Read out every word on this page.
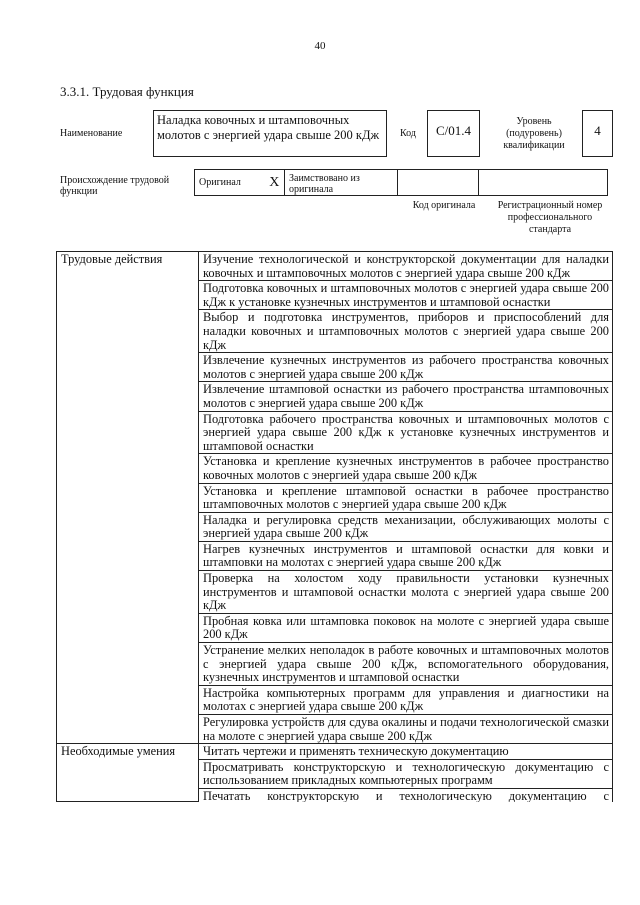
40
3.3.1. Трудовая функция
Наименование
Наладка ковочных и штамповочных молотов с энергией удара свыше 200 кДж	Код	C/01.4
Уровень (подуровень) квалификации
4
Происхождение трудовой функции
Оригинал	X	Заимствовано из оригинала		
Код оригинала	Регистрационный номер профессионального стандарта
Трудовые действия	Изучение технологической и конструкторской документации для наладки ковочных и штамповочных молотов с энергией удара свыше 200 кДж
	Подготовка ковочных и штамповочных молотов с энергией удара свыше 200 кДж к установке кузнечных инструментов и штамповой оснастки
	Выбор и подготовка инструментов, приборов и приспособлений для наладки ковочных и штамповочных молотов с энергией удара свыше 200 кДж
	Извлечение кузнечных инструментов из рабочего пространства ковочных молотов с энергией удара свыше 200 кДж
	Извлечение штамповой оснастки из рабочего пространства штамповочных молотов с энергией удара свыше 200 кДж
	Подготовка рабочего пространства ковочных и штамповочных молотов с энергией удара свыше 200 кДж к установке кузнечных инструментов и штамповой оснастки
	Установка и крепление кузнечных инструментов в рабочее пространство ковочных молотов с энергией удара свыше 200 кДж
	Установка и крепление штамповой оснастки в рабочее пространство штамповочных молотов с энергией удара свыше 200 кДж
	Наладка и регулировка средств механизации, обслуживающих молоты с энергией удара свыше 200 кДж
	Нагрев кузнечных инструментов и штамповой оснастки для ковки и штамповки на молотах с энергией удара свыше 200 кДж
	Проверка на холостом ходу правильности установки кузнечных инструментов и штамповой оснастки молота с энергией удара свыше 200 кДж
	Пробная ковка или штамповка поковок на молоте с энергией удара свыше 200 кДж
	Устранение мелких неполадок в работе ковочных и штамповочных молотов с энергией удара свыше 200 кДж, вспомогательного оборудования, кузнечных инструментов и штамповой оснастки
	Настройка компьютерных программ для управления и диагностики на молотах с энергией удара свыше 200 кДж
	Регулировка устройств для сдува окалины и подачи технологической смазки на молоте с энергией удара свыше 200 кДж
Необходимые умения	Читать чертежи и применять техническую документацию
	Просматривать конструкторскую и технологическую документацию с использованием прикладных компьютерных программ

	Печатать конструкторскую и технологическую документацию с
